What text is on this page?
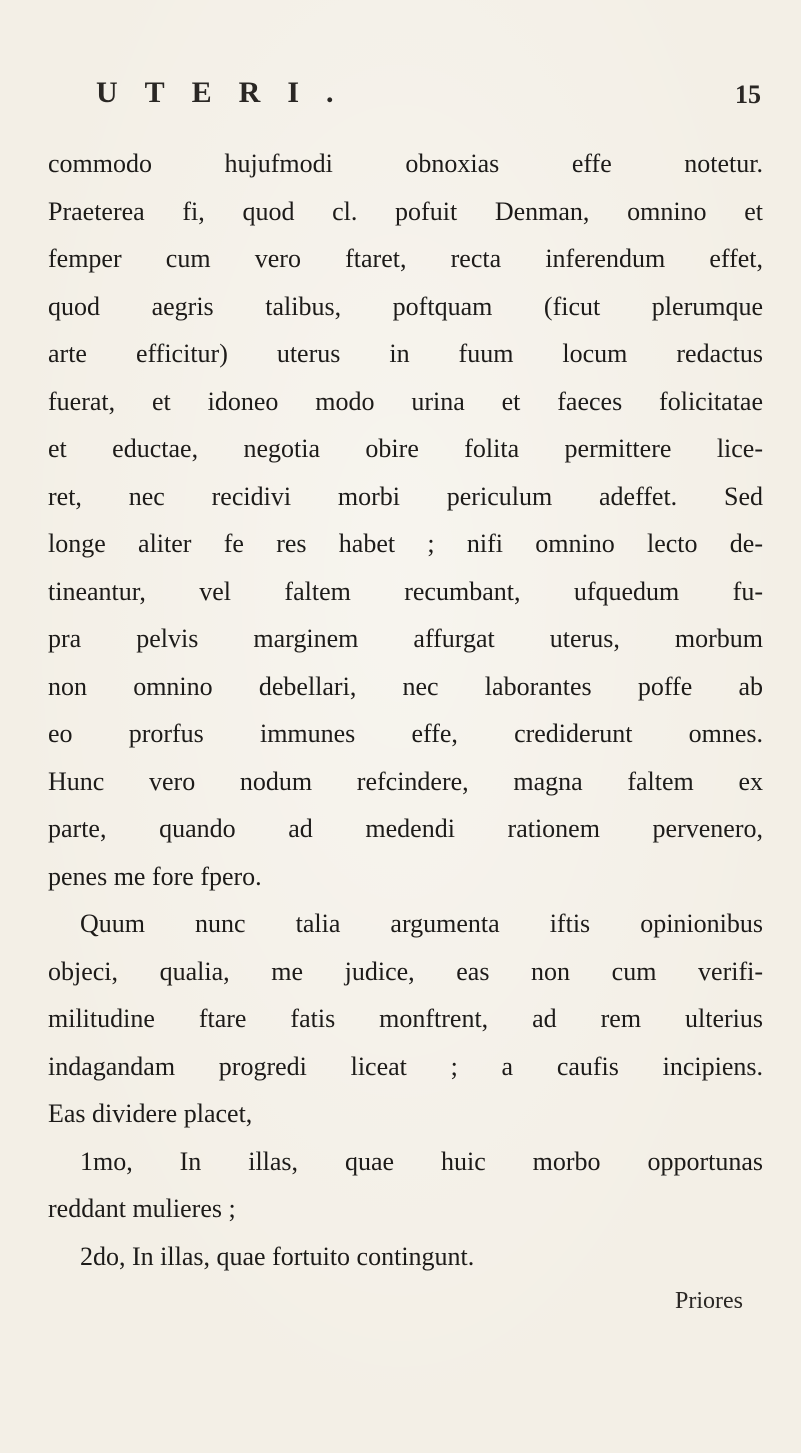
UTERI.	15
commodo hujufmodi obnoxias effe notetur.
Praeterea fi, quod cl. pofuit Denman, omnino et
femper cum vero ftaret, recta inferendum effet,
quod aegris talibus, poftquam (ficut plerumque
arte efficitur) uterus in fuum locum redactus
fuerat, et idoneo modo urina et faeces folicitatae
et eductae, negotia obire folita permittere lice-
ret, nec recidivi morbi periculum adeffet. Sed
longe aliter fe res habet ; nifi omnino lecto de-
tineantur, vel faltem recumbant, ufquedum fu-
pra pelvis marginem affurgat uterus, morbum
non omnino debellari, nec laborantes poffe ab
eo prorfus immunes effe, crediderunt omnes.
Hunc vero nodum refcindere, magna faltem ex
parte, quando ad medendi rationem pervenero,
penes me fore fpero.
Quum nunc talia argumenta iftis opinionibus
objeci, qualia, me judice, eas non cum verifi-
militudine ftare fatis monftrent, ad rem ulterius
indagandam progredi liceat ; a caufis incipiens.
Eas dividere placet,
1mo, In illas, quae huic morbo opportunas
reddant mulieres ;
2do, In illas, quae fortuito contingunt.
Priores
